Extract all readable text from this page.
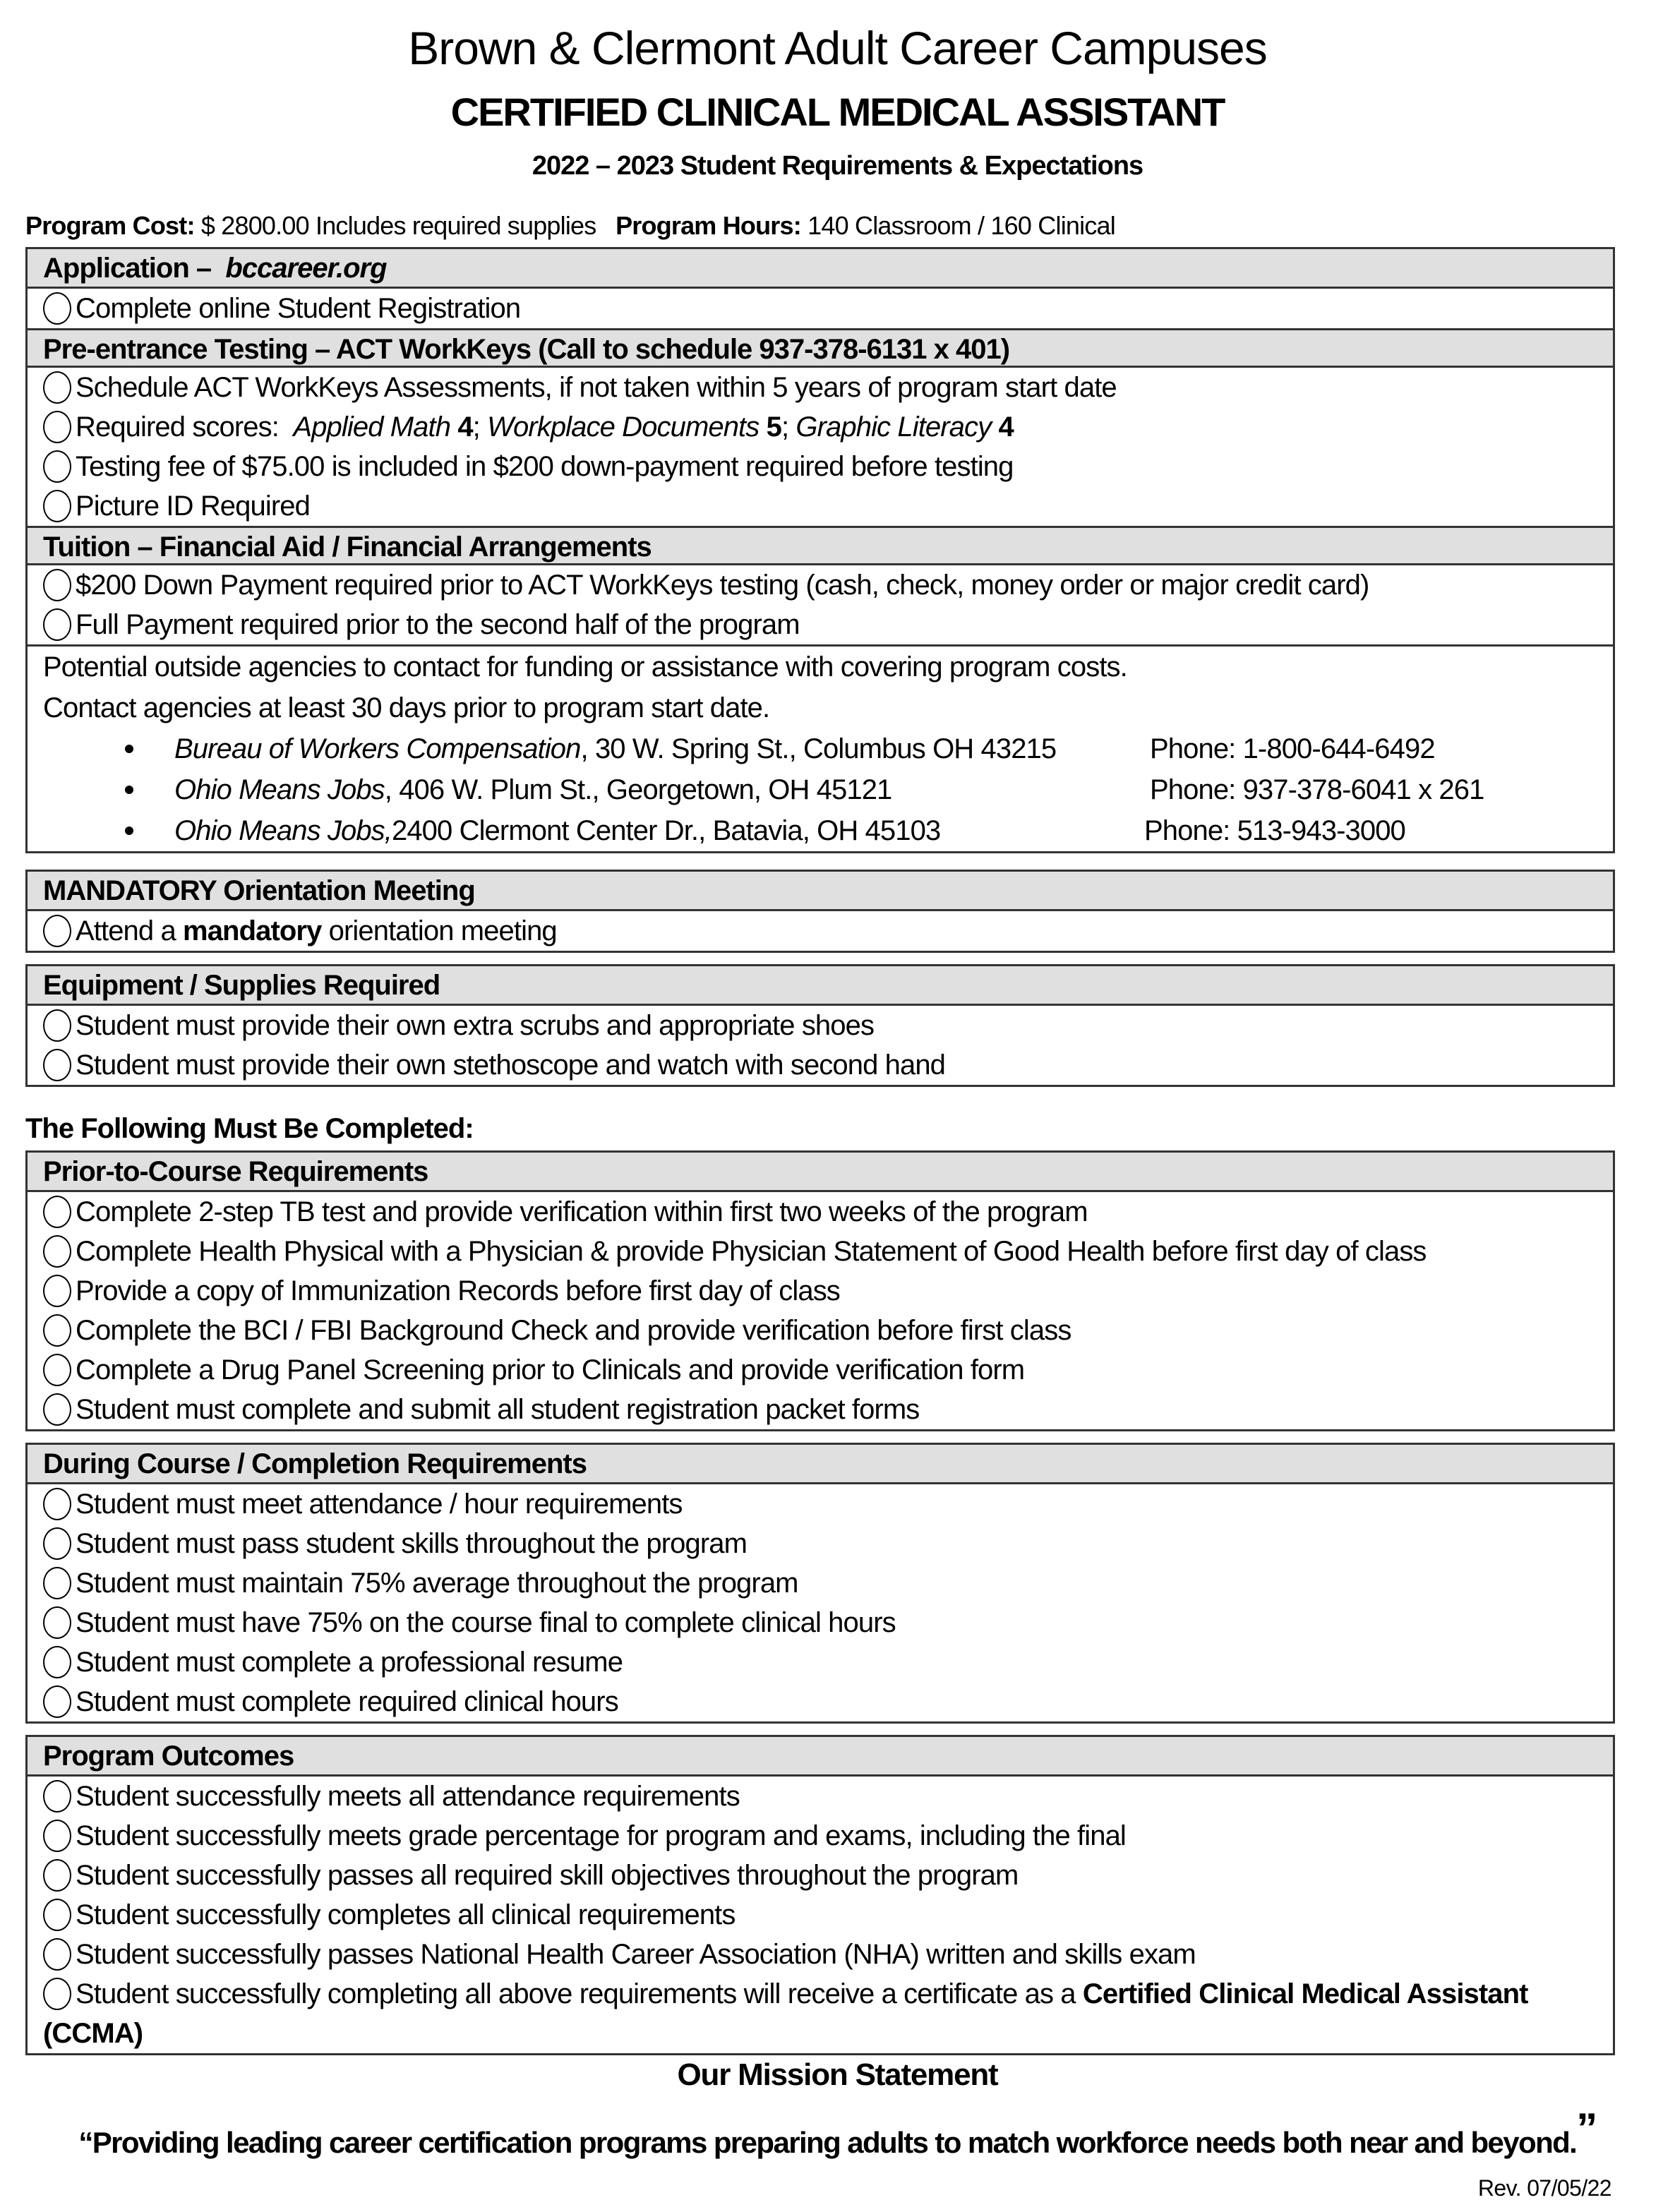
Brown & Clermont Adult Career Campuses
CERTIFIED CLINICAL MEDICAL ASSISTANT
2022 – 2023 Student Requirements & Expectations
Program Cost: $ 2800.00 Includes required supplies Program Hours: 140 Classroom / 160 Clinical
Application – bccareer.org
Complete online Student Registration
Pre-entrance Testing – ACT WorkKeys (Call to schedule 937-378-6131 x 401)
Schedule ACT WorkKeys Assessments, if not taken within 5 years of program start date
Required scores: Applied Math 4; Workplace Documents 5; Graphic Literacy 4
Testing fee of $75.00 is included in $200 down-payment required before testing
Picture ID Required
Tuition – Financial Aid / Financial Arrangements
$200 Down Payment required prior to ACT WorkKeys testing (cash, check, money order or major credit card)
Full Payment required prior to the second half of the program
Potential outside agencies to contact for funding or assistance with covering program costs.
Contact agencies at least 30 days prior to program start date.
Bureau of Workers Compensation , 30 W. Spring St., Columbus OH 43215	Phone: 1-800-644-6492
Ohio Means Jobs , 406 W. Plum St., Georgetown, OH 45121	Phone: 937-378-6041 x 261
Ohio Means Jobs, 2400 Clermont Center Dr., Batavia, OH 45103	Phone: 513-943-3000
MANDATORY Orientation Meeting
Attend a mandatory orientation meeting
Equipment / Supplies Required
Student must provide their own extra scrubs and appropriate shoes
Student must provide their own stethoscope and watch with second hand
The Following Must Be Completed:
Prior-to-Course Requirements
Complete 2-step TB test and provide verification within first two weeks of the program
Complete Health Physical with a Physician & provide Physician Statement of Good Health before first day of class
Provide a copy of Immunization Records before first day of class
Complete the BCI / FBI Background Check and provide verification before first class
Complete a Drug Panel Screening prior to Clinicals and provide verification form
Student must complete and submit all student registration packet forms
During Course / Completion Requirements
Student must meet attendance / hour requirements
Student must pass student skills throughout the program
Student must maintain 75% average throughout the program
Student must have 75% on the course final to complete clinical hours
Student must complete a professional resume
Student must complete required clinical hours
Program Outcomes
Student successfully meets all attendance requirements
Student successfully meets grade percentage for program and exams, including the final
Student successfully passes all required skill objectives throughout the program
Student successfully completes all clinical requirements
Student successfully passes National Health Career Association (NHA) written and skills exam
Student successfully completing all above requirements will receive a certificate as a Certified Clinical Medical Assistant (CCMA)
Our Mission Statement
“Providing leading career certification programs preparing adults to match workforce needs both near and beyond.”
Rev. 07/05/22
